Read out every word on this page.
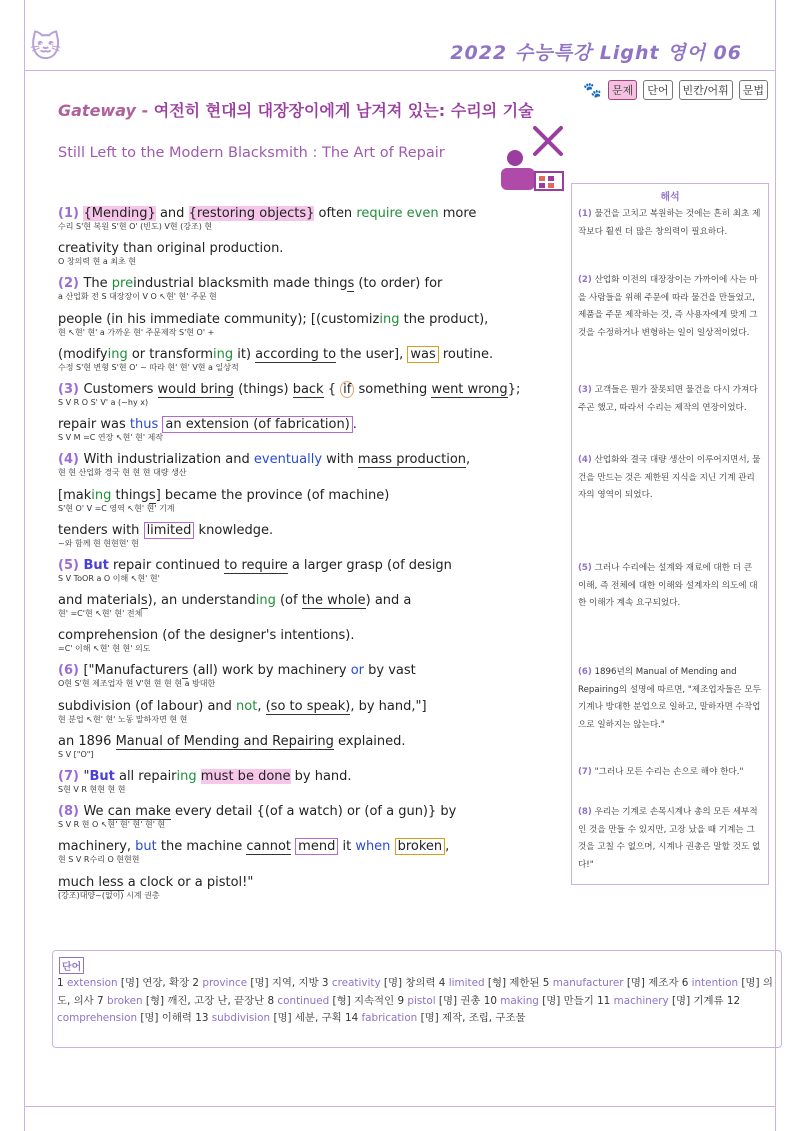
🐱	2022 수능특강 Light 영어 06
🐾 문제	단어	빈칸/어휘	문법
Gateway - 여전히 현대의 대장장이에게 남겨져 있는: 수리의 기술
Still Left to the Modern Blacksmith : The Art of Repair
(1) {Mending} and {restoring objects} often require even more
수리 S'현 복원 S'현 O' (빈도) V현 (강조) 현
creativity than original production.
O 창의력 현 a 최초 현
(2) The preindustrial blacksmith made things (to order) for
a 산업화 전 S 대장장이 V O ↖현' 현' 주문 현
people (in his immediate community); [(customizing the product),
현 ↖현' 현' a 가까운 현' 주문제작 S'현 O' +
(modifying or transforming it) according to the user], was routine.
수정 S'현 변형 S'현 O' ~ 따라 현' 현' V현 a 일상적
(3) Customers would bring (things) back { if something went wrong};
S V R O S' V' a (~hy x)
repair was thus an extension (of fabrication) .
S V M =C 연장 ↖현' 현' 제작
(4) With industrialization and eventually with mass production,
현 현 산업화 경국 현 현 현 대량 생산
[making things] became the province (of machine)
S'현 O' V =C 영역 ↖현' 현' 기계
tenders with limited knowledge.
~와 함께 현 현현현' 현
(5) But repair continued to require a larger grasp (of design
S V ToOR a O 이해 ↖현' 현'
and materials), an understanding (of the whole) and a
현' =C'현 ↖현' 현' 전체
comprehension (of the designer's intentions).
=C' 이해 ↖현' 현 현' 의도
(6) ["Manufacturers (all) work by machinery or by vast
O현 S'현 제조업자 현 V'현 현 현 현 a 방대한
subdivision (of labour) and not, (so to speak), by hand,"]
현 분업 ↖현' 현' 노동 말하자면 현 현
an 1896 Manual of Mending and Repairing explained.
S V ["O"]
(7) "But all repairing must be done by hand.
S현 V R 현현 현 현
(8) We can make every detail {(of a watch) or (of a gun)} by
S V R 현 O ↖현' 현' 현' 현' 현
machinery, but the machine cannot mend it when broken ,
현 S V R수리 O 현현현
much less a clock or a pistol!"
(강조)대양~(없이) 시계 권총
해석
(1) 물건을 고치고 복원하는 것에는 흔히 최초 제작보다 훨씬 더 많은 창의력이 필요하다.
(2) 산업화 이전의 대장장이는 가까이에 사는 마을 사람들을 위해 주문에 따라 물건을 만들었고, 제품을 주문 제작하는 것, 즉 사용자에게 맞게 그것을 수정하거나 변형하는 일이 일상적이었다.
(3) 고객들은 뭔가 잘못되면 물건을 다시 가져다주곤 했고, 따라서 수리는 제작의 연장이었다.
(4) 산업화와 결국 대량 생산이 이루어지면서, 물건을 만드는 것은 제한된 지식을 지닌 기계 관리자의 영역이 되었다.
(5) 그러나 수리에는 설계와 재료에 대한 더 큰 이해, 즉 전체에 대한 이해와 설계자의 의도에 대한 이해가 계속 요구되었다.
(6) 1896년의 Manual of Mending and Repairing의 설명에 따르면, "제조업자들은 모두 기계나 방대한 분업으로 일하고, 말하자면 수작업으로 일하지는 않는다."
(7) "그러나 모든 수리는 손으로 해야 한다."
(8) 우리는 기계로 손목시계나 총의 모든 세부적인 것을 만들 수 있지만, 고장 났을 때 기계는 그것을 고칠 수 없으며, 시계나 권총은 말할 것도 없다!"
단어
1 extension [명] 연장, 확장 2 province [명] 지역, 지방 3 creativity [명] 창의력 4 limited [형] 제한된 5 manufacturer [명] 제조자 6 intention [명] 의도, 의사 7 broken [형] 깨진, 고장 난, 끝장난 8 continued [형] 지속적인 9 pistol [명] 권총 10 making [명] 만들기 11 machinery [명] 기계류 12 comprehension [명] 이해력 13 subdivision [명] 세분, 구획 14 fabrication [명] 제작, 조립, 구조물
